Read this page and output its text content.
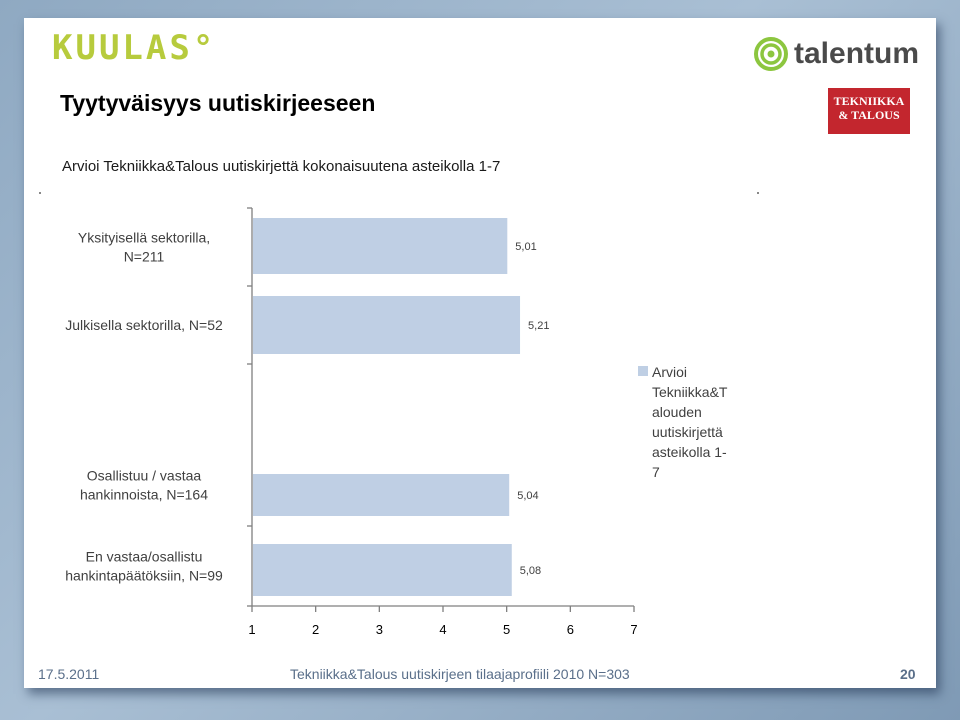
KUULAS°	talentum
TEKNIIKKA
& TALOUS
Tyytyväisyys uutiskirjeeseen
Arvioi Tekniikka&Talous uutiskirjettä kokonaisuutena asteikolla 1-7
5,01
Yksityisellä sektorilla,
N=211
5,21
Julkisella sektorilla, N=52
5,04
Osallistuu / vastaa
hankinnoista, N=164
5,08
En vastaa/osallistu
hankintapäätöksiin, N=99
1	2	3	4	5	6	7
Arvioi
Tekniikka&T
alouden
uutiskirjettä
asteikolla 1-
7
17.5.2011	Tekniikka&Talous uutiskirjeen tilaajaprofiili 2010 N=303	20
